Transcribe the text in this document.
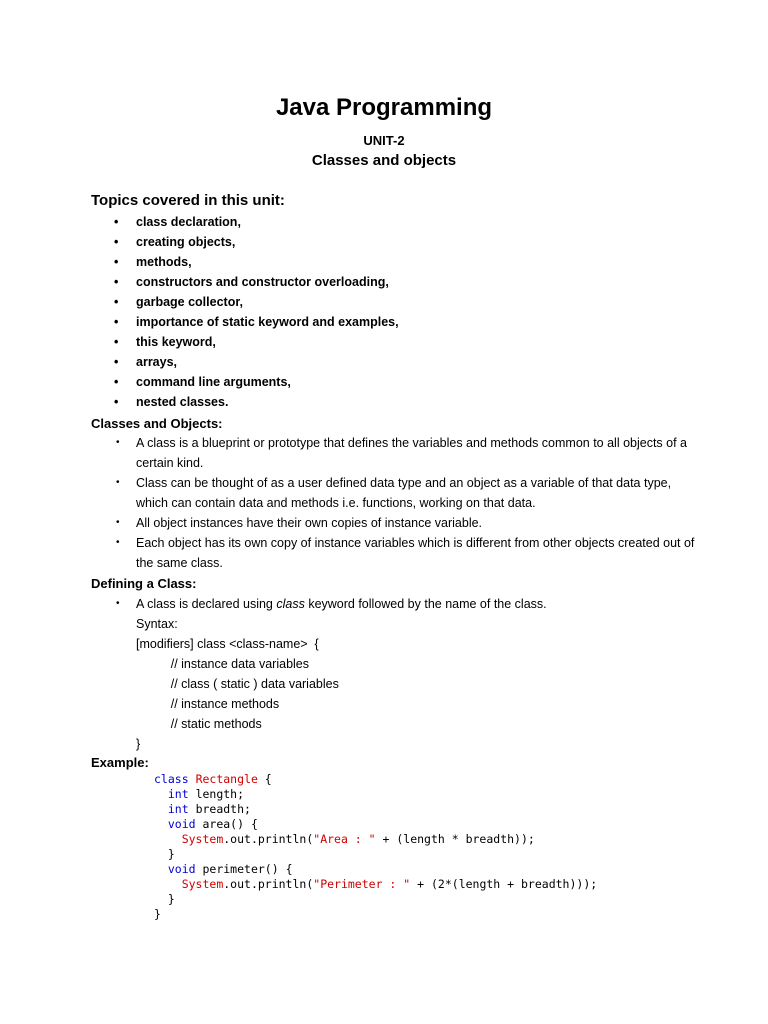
Java Programming
UNIT-2
Classes and objects
Topics covered in this unit:
• class declaration,
• creating objects,
• methods,
• constructors and constructor overloading,
• garbage collector,
• importance of static keyword and examples,
• this keyword,
• arrays,
• command line arguments,
• nested classes.
Classes and Objects:
• A class is a blueprint or prototype that defines the variables and methods common to all objects of a certain kind.
• Class can be thought of as a user defined data type and an object as a variable of that data type, which can contain data and methods i.e. functions, working on that data.
• All object instances have their own copies of instance variable.
• Each object has its own copy of instance variables which is different from other objects created out of the same class.
Defining a Class:
• A class is declared using class keyword followed by the name of the class.
Syntax:
[modifiers] class <class-name>  {
// instance data variables
// class ( static ) data variables
// instance methods
// static methods
}
Example:
class Rectangle {
int length;
int breadth;
void area() {
System.out.println("Area : " + (length * breadth));
}
void perimeter() {
System.out.println("Perimeter : " + (2*(length + breadth)));
}
}
